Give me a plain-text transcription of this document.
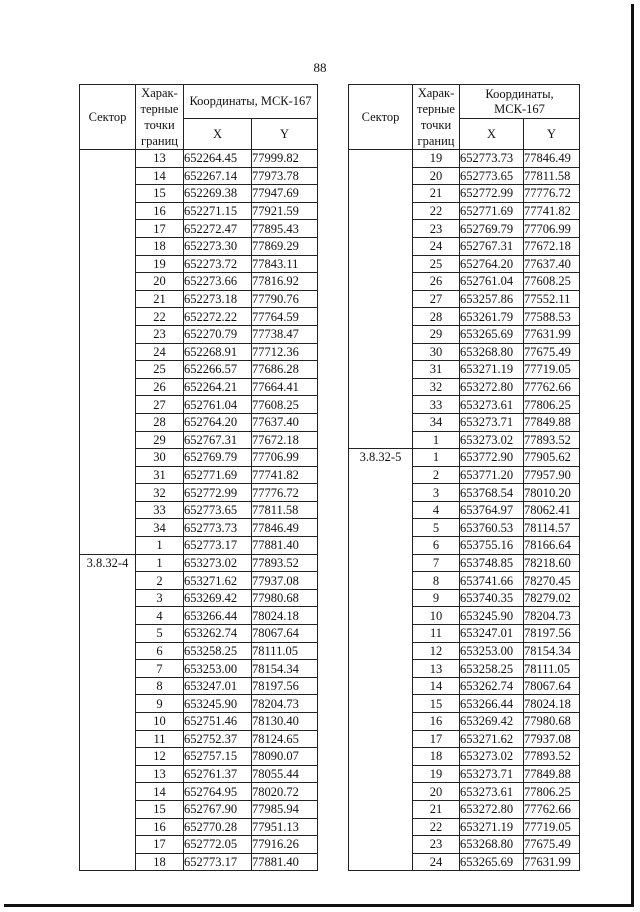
88
Сектор	Харак-терные точки границ	Координаты, МСК-167	
		X	Y
	13	652264.45	77999.82
	14	652267.14	77973.78
	15	652269.38	77947.69
	16	652271.15	77921.59
	17	652272.47	77895.43
	18	652273.30	77869.29
	19	652273.72	77843.11
	20	652273.66	77816.92
	21	652273.18	77790.76
	22	652272.22	77764.59
	23	652270.79	77738.47
	24	652268.91	77712.36
	25	652266.57	77686.28
	26	652264.21	77664.41
	27	652761.04	77608.25
	28	652764.20	77637.40
	29	652767.31	77672.18
	30	652769.79	77706.99
	31	652771.69	77741.82
	32	652772.99	77776.72
	33	652773.65	77811.58
	34	652773.73	77846.49
	1	652773.17	77881.40
3.8.32-4	1	653273.02	77893.52
	2	653271.62	77937.08
	3	653269.42	77980.68
	4	653266.44	78024.18
	5	653262.74	78067.64
	6	653258.25	78111.05
	7	653253.00	78154.34
	8	653247.01	78197.56
	9	653245.90	78204.73
	10	652751.46	78130.40
	11	652752.37	78124.65
	12	652757.15	78090.07
	13	652761.37	78055.44
	14	652764.95	78020.72
	15	652767.90	77985.94
	16	652770.28	77951.13
	17	652772.05	77916.26
	18	652773.17	77881.40
Сектор	Харак-терные точки границ	Координаты, МСК-167	
		X	Y
	19	652773.73	77846.49
	20	652773.65	77811.58
	21	652772.99	77776.72
	22	652771.69	77741.82
	23	652769.79	77706.99
	24	652767.31	77672.18
	25	652764.20	77637.40
	26	652761.04	77608.25
	27	653257.86	77552.11
	28	653261.79	77588.53
	29	653265.69	77631.99
	30	653268.80	77675.49
	31	653271.19	77719.05
	32	653272.80	77762.66
	33	653273.61	77806.25
	34	653273.71	77849.88
	1	653273.02	77893.52
3.8.32-5	1	653772.90	77905.62
	2	653771.20	77957.90
	3	653768.54	78010.20
	4	653764.97	78062.41
	5	653760.53	78114.57
	6	653755.16	78166.64
	7	653748.85	78218.60
	8	653741.66	78270.45
	9	653740.35	78279.02
	10	653245.90	78204.73
	11	653247.01	78197.56
	12	653253.00	78154.34
	13	653258.25	78111.05
	14	653262.74	78067.64
	15	653266.44	78024.18
	16	653269.42	77980.68
	17	653271.62	77937.08
	18	653273.02	77893.52
	19	653273.71	77849.88
	20	653273.61	77806.25
	21	653272.80	77762.66
	22	653271.19	77719.05
	23	653268.80	77675.49
	24	653265.69	77631.99
